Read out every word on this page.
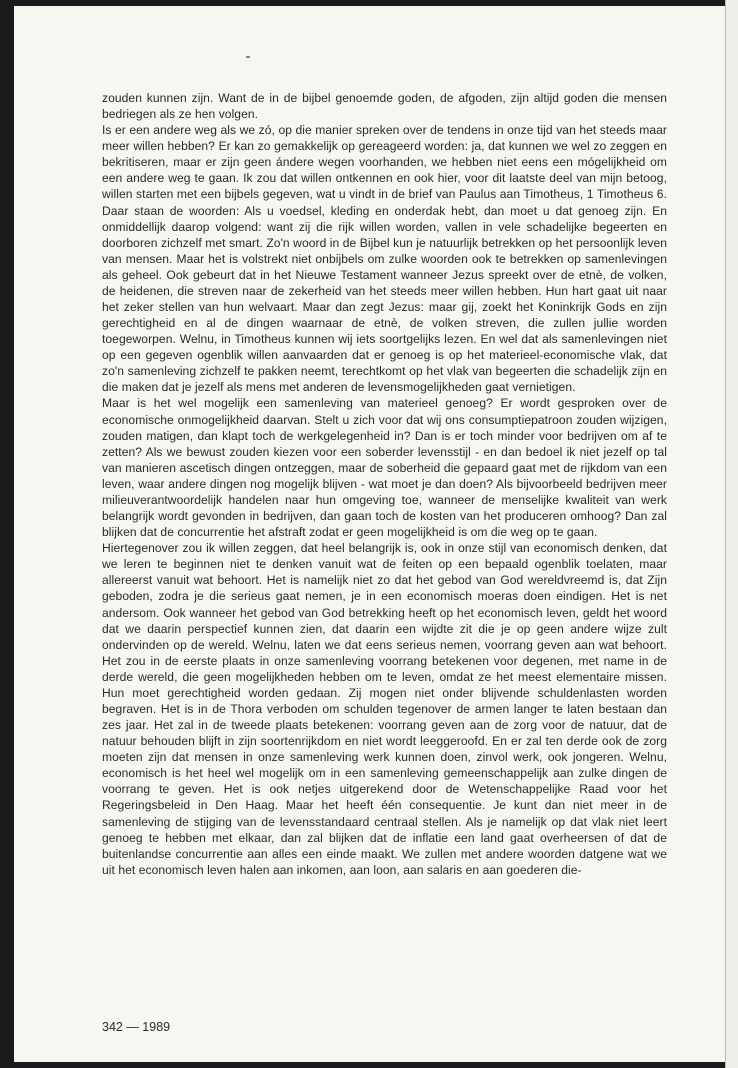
zouden kunnen zijn. Want de in de bijbel genoemde goden, de afgoden, zijn altijd goden die mensen bedriegen als ze hen volgen.

Is er een andere weg als we zó, op die manier spreken over de tendens in onze tijd van het steeds maar meer willen hebben? Er kan zo gemakkelijk op gereageerd worden: ja, dat kunnen we wel zo zeggen en bekritiseren, maar er zijn geen ándere wegen voorhanden, we hebben niet eens een mógelijkheid om een andere weg te gaan. Ik zou dat willen ontkennen en ook hier, voor dit laatste deel van mijn betoog, willen starten met een bijbels gegeven, wat u vindt in de brief van Paulus aan Timotheus, 1 Timotheus 6. Daar staan de woorden: Als u voedsel, kleding en onderdak hebt, dan moet u dat genoeg zijn. En onmiddellijk daarop volgend: want zij die rijk willen worden, vallen in vele schadelijke begeerten en doorboren zichzelf met smart. Zo'n woord in de Bijbel kun je natuurlijk betrekken op het persoonlijk leven van mensen. Maar het is volstrekt niet onbijbels om zulke woorden ook te betrekken op samenlevingen als geheel. Ook gebeurt dat in het Nieuwe Testament wanneer Jezus spreekt over de etnè, de volken, de heidenen, die streven naar de zekerheid van het steeds meer willen hebben. Hun hart gaat uit naar het zeker stellen van hun welvaart. Maar dan zegt Jezus: maar gij, zoekt het Koninkrijk Gods en zijn gerechtigheid en al de dingen waarnaar de etnè, de volken streven, die zullen jullie worden toegeworpen. Welnu, in Timotheus kunnen wij iets soortgelijks lezen. En wel dat als samenlevingen niet op een gegeven ogenblik willen aanvaarden dat er genoeg is op het materieel-economische vlak, dat zo'n samenleving zichzelf te pakken neemt, terechtkomt op het vlak van begeerten die schadelijk zijn en die maken dat je jezelf als mens met anderen de levensmogelijkheden gaat vernietigen.

Maar is het wel mogelijk een samenleving van materieel genoeg? Er wordt gesproken over de economische onmogelijkheid daarvan. Stelt u zich voor dat wij ons consumptiepatroon zouden wijzigen, zouden matigen, dan klapt toch de werkgelegenheid in? Dan is er toch minder voor bedrijven om af te zetten? Als we bewust zouden kiezen voor een soberder levensstijl - en dan bedoel ik niet jezelf op tal van manieren ascetisch dingen ontzeggen, maar de soberheid die gepaard gaat met de rijkdom van een leven, waar andere dingen nog mogelijk blijven - wat moet je dan doen? Als bijvoorbeeld bedrijven meer milieuverantwoordelijk handelen naar hun omgeving toe, wanneer de menselijke kwaliteit van werk belangrijk wordt gevonden in bedrijven, dan gaan toch de kosten van het produceren omhoog? Dan zal blijken dat de concurrentie het afstraft zodat er geen mogelijkheid is om die weg op te gaan.

Hiertegenover zou ik willen zeggen, dat heel belangrijk is, ook in onze stijl van economisch denken, dat we leren te beginnen niet te denken vanuit wat de feiten op een bepaald ogenblik toelaten, maar allereerst vanuit wat behoort. Het is namelijk niet zo dat het gebod van God wereldvreemd is, dat Zijn geboden, zodra je die serieus gaat nemen, je in een economisch moeras doen eindigen. Het is net andersom. Ook wanneer het gebod van God betrekking heeft op het economisch leven, geldt het woord dat we daarin perspectief kunnen zien, dat daarin een wijdte zit die je op geen andere wijze zult ondervinden op de wereld. Welnu, laten we dat eens serieus nemen, voorrang geven aan wat behoort. Het zou in de eerste plaats in onze samenleving voorrang betekenen voor degenen, met name in de derde wereld, die geen mogelijkheden hebben om te leven, omdat ze het meest elementaire missen. Hun moet gerechtigheid worden gedaan. Zij mogen niet onder blijvende schuldenlasten worden begraven. Het is in de Thora verboden om schulden tegenover de armen langer te laten bestaan dan zes jaar. Het zal in de tweede plaats betekenen: voorrang geven aan de zorg voor de natuur, dat de natuur behouden blijft in zijn soortenrijkdom en niet wordt leeggeroofd. En er zal ten derde ook de zorg moeten zijn dat mensen in onze samenleving werk kunnen doen, zinvol werk, ook jongeren. Welnu, economisch is het heel wel mogelijk om in een samenleving gemeenschappelijk aan zulke dingen de voorrang te geven. Het is ook netjes uitgerekend door de Wetenschappelijke Raad voor het Regeringsbeleid in Den Haag. Maar het heeft één consequentie. Je kunt dan niet meer in de samenleving de stijging van de levensstandaard centraal stellen. Als je namelijk op dat vlak niet leert genoeg te hebben met elkaar, dan zal blijken dat de inflatie een land gaat overheersen of dat de buitenlandse concurrentie aan alles een einde maakt. We zullen met andere woorden datgene wat we uit het economisch leven halen aan inkomen, aan loon, aan salaris en aan goederen die-

342 — 1989
